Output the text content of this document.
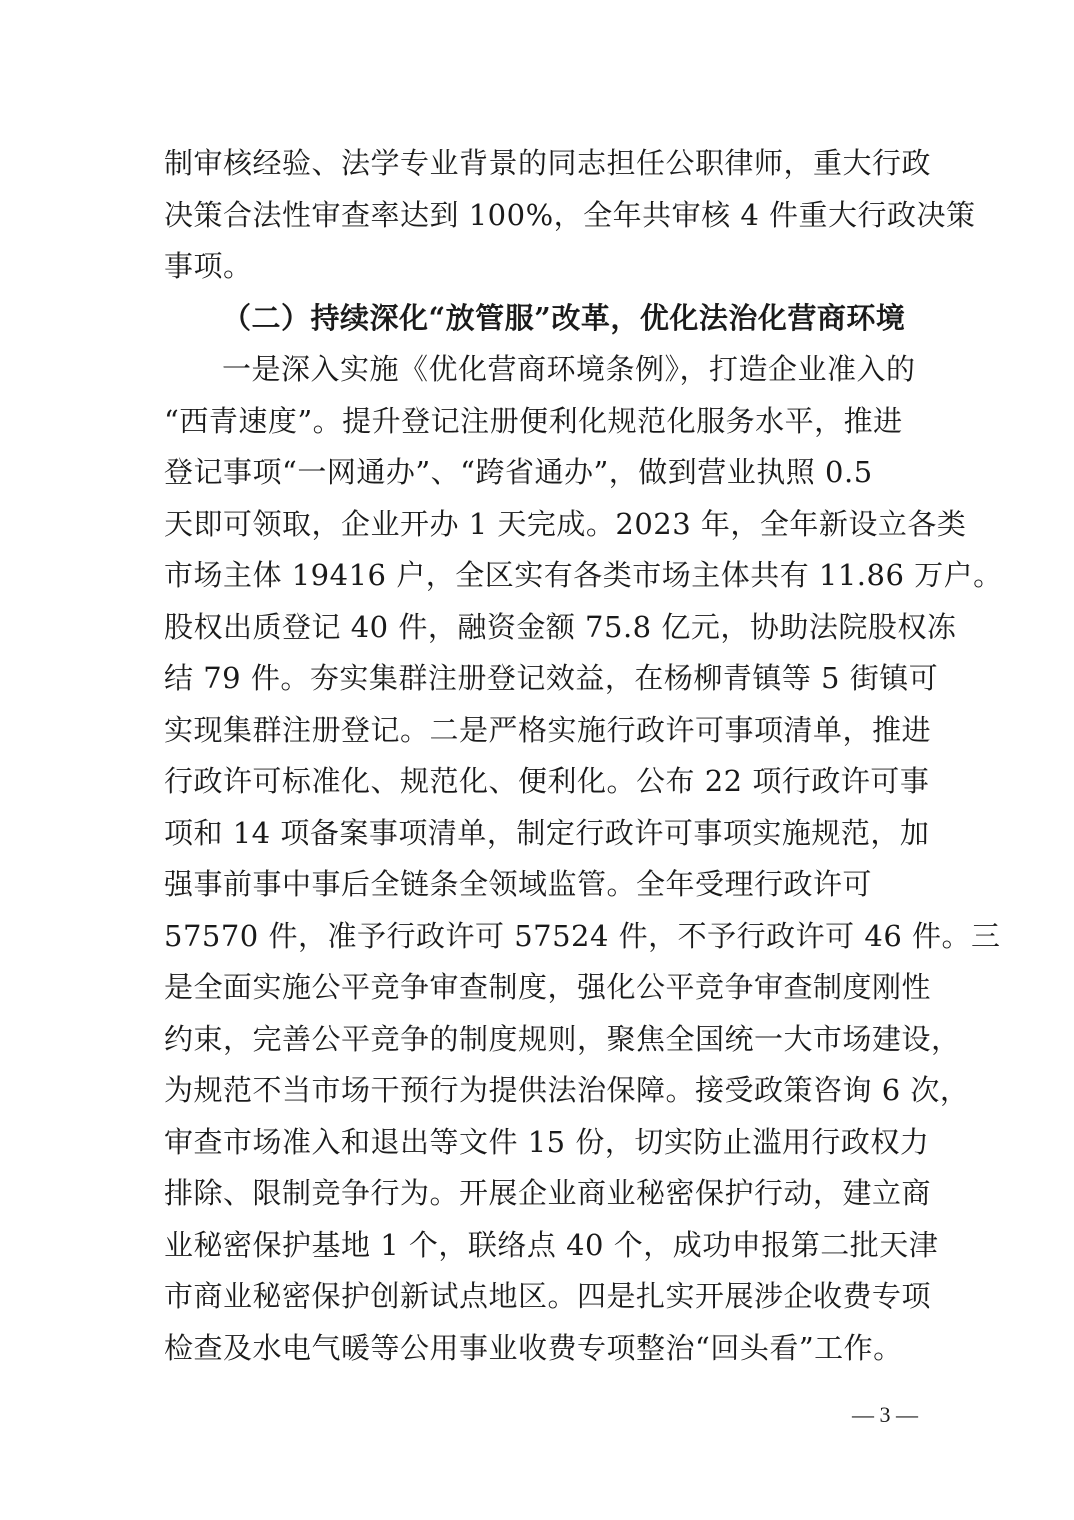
制审核经验、法学专业背景的同志担任公职律师，重大行政
决策合法性审查率达到 100%，全年共审核 4 件重大行政决策
事项。
（二）持续深化“放管服”改革，优化法治化营商环境
一是深入实施《优化营商环境条例》，打造企业准入的
“西青速度”。提升登记注册便利化规范化服务水平，推进
登记事项“一网通办”、“跨省通办”，做到营业执照 0.5
天即可领取，企业开办 1 天完成。2023 年，全年新设立各类
市场主体 19416 户，全区实有各类市场主体共有 11.86 万户。
股权出质登记 40 件，融资金额 75.8 亿元，协助法院股权冻
结 79 件。夯实集群注册登记效益，在杨柳青镇等 5 街镇可
实现集群注册登记。二是严格实施行政许可事项清单，推进
行政许可标准化、规范化、便利化。公布 22 项行政许可事
项和 14 项备案事项清单，制定行政许可事项实施规范，加
强事前事中事后全链条全领域监管。全年受理行政许可
57570 件，准予行政许可 57524 件，不予行政许可 46 件。三
是全面实施公平竞争审查制度，强化公平竞争审查制度刚性
约束，完善公平竞争的制度规则，聚焦全国统一大市场建设，
为规范不当市场干预行为提供法治保障。接受政策咨询 6 次，
审查市场准入和退出等文件 15 份，切实防止滥用行政权力
排除、限制竞争行为。开展企业商业秘密保护行动，建立商
业秘密保护基地 1 个，联络点 40 个，成功申报第二批天津
市商业秘密保护创新试点地区。四是扎实开展涉企收费专项
检查及水电气暖等公用事业收费专项整治“回头看”工作。
— 3 —
